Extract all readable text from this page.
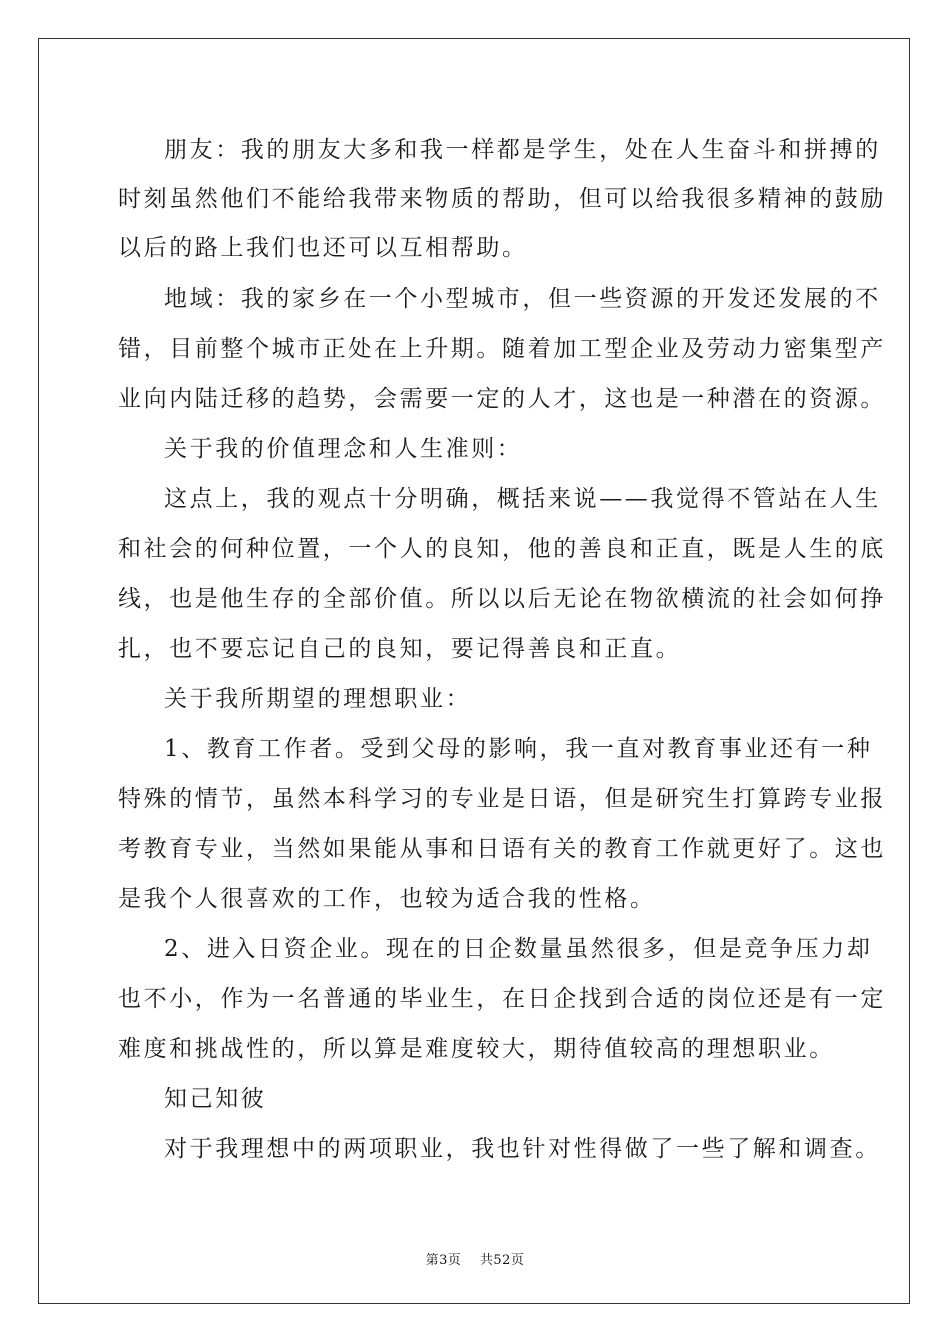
朋友：我的朋友大多和我一样都是学生，处在人生奋斗和拼搏的
时刻虽然他们不能给我带来物质的帮助，但可以给我很多精神的鼓励
以后的路上我们也还可以互相帮助。
地域：我的家乡在一个小型城市，但一些资源的开发还发展的不
错，目前整个城市正处在上升期。随着加工型企业及劳动力密集型产
业向内陆迁移的趋势，会需要一定的人才，这也是一种潜在的资源。
关于我的价值理念和人生准则：
这点上，我的观点十分明确，概括来说——我觉得不管站在人生
和社会的何种位置，一个人的良知，他的善良和正直，既是人生的底
线，也是他生存的全部价值。所以以后无论在物欲横流的社会如何挣
扎，也不要忘记自己的良知，要记得善良和正直。
关于我所期望的理想职业：
1、教育工作者。受到父母的影响，我一直对教育事业还有一种
特殊的情节，虽然本科学习的专业是日语，但是研究生打算跨专业报
考教育专业，当然如果能从事和日语有关的教育工作就更好了。这也
是我个人很喜欢的工作，也较为适合我的性格。
2、进入日资企业。现在的日企数量虽然很多，但是竞争压力却
也不小，作为一名普通的毕业生，在日企找到合适的岗位还是有一定
难度和挑战性的，所以算是难度较大，期待值较高的理想职业。
知己知彼
对于我理想中的两项职业，我也针对性得做了一些了解和调查。
第3页 共52页
